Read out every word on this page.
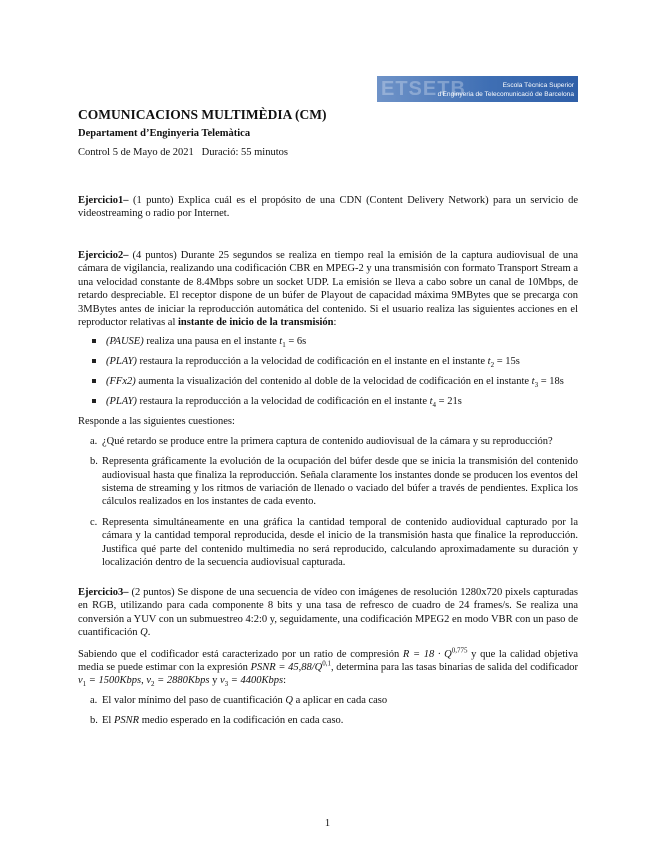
ETSETB	Escola Tècnica Superior
d'Enginyeria de Telecomunicació de Barcelona
COMUNICACIONS MULTIMÈDIA (CM)
Departament d’Enginyeria Telemàtica
Control 5 de Mayo de 2021   Duració: 55 minutos

Ejercicio1– (1 punto) Explica cuál es el propósito de una CDN (Content Delivery Network) para un servicio de videostreaming o radio por Internet.

Ejercicio2– (4 puntos) Durante 25 segundos se realiza en tiempo real la emisión de la captura audiovisual de una cámara de vigilancia, realizando una codificación CBR en MPEG-2 y una transmisión con formato Transport Stream a una velocidad constante de 8.4Mbps sobre un socket UDP. La emisión se lleva a cabo sobre un canal de 10Mbps, de retardo despreciable. El receptor dispone de un búfer de Playout de capacidad máxima 9MBytes que se precarga con 3MBytes antes de iniciar la reproducción automática del contenido. Si el usuario realiza las siguientes acciones en el reproductor relativas al instante de inicio de la transmisión:

(PAUSE) realiza una pausa en el instante $t_1 = 6s$
(PLAY) restaura la reproducción a la velocidad de codificación en el instante en el instante $t_2 = 15s$
(FFx2) aumenta la visualización del contenido al doble de la velocidad de codificación en el instante $t_3 = 18s$
(PLAY) restaura la reproducción a la velocidad de codificación en el instante $t_4 = 21s$

Responde a las siguientes cuestiones:

a. ¿Qué retardo se produce entre la primera captura de contenido audiovisual de la cámara y su reproducción?
b. Representa gráficamente la evolución de la ocupación del búfer desde que se inicia la transmisión del contenido audiovisual hasta que finaliza la reproducción. Señala claramente los instantes donde se producen los eventos del sistema de streaming y los ritmos de variación de llenado o vaciado del búfer a través de pendientes. Explica los cálculos realizados en los instantes de cada evento.
c. Representa simultáneamente en una gráfica la cantidad temporal de contenido audiovidual capturado por la cámara y la cantidad temporal reproducida, desde el inicio de la transmisión hasta que finalice la reproducción. Justifica qué parte del contenido multimedia no será reproducido, calculando aproximadamente su duración y localización dentro de la secuencia audiovisual capturada.

Ejercicio3– (2 puntos) Se dispone de una secuencia de vídeo con imágenes de resolución 1280x720 pixels capturadas en RGB, utilizando para cada componente 8 bits y una tasa de refresco de cuadro de 24 frames/s. Se realiza una conversión a YUV con un submuestreo 4:2:0 y, seguidamente, una codificación MPEG2 en modo VBR con un paso de cuantificación Q.

Sabiendo que el codificador está caracterizado por un ratio de compresión R = 18 · Q$^{0,775}$ y que la calidad objetiva media se puede estimar con la expresión PSNR = $45,88/Q^{0,1}$, determina para las tasas binarias de salida del codificador $v_1$ = 1500Kbps, $v_2$ = 2880Kbps y $v_3$ = 4400Kbps:

a. El valor mínimo del paso de cuantificación Q a aplicar en cada caso
b. El PSNR medio esperado en la codificación en cada caso.
1
